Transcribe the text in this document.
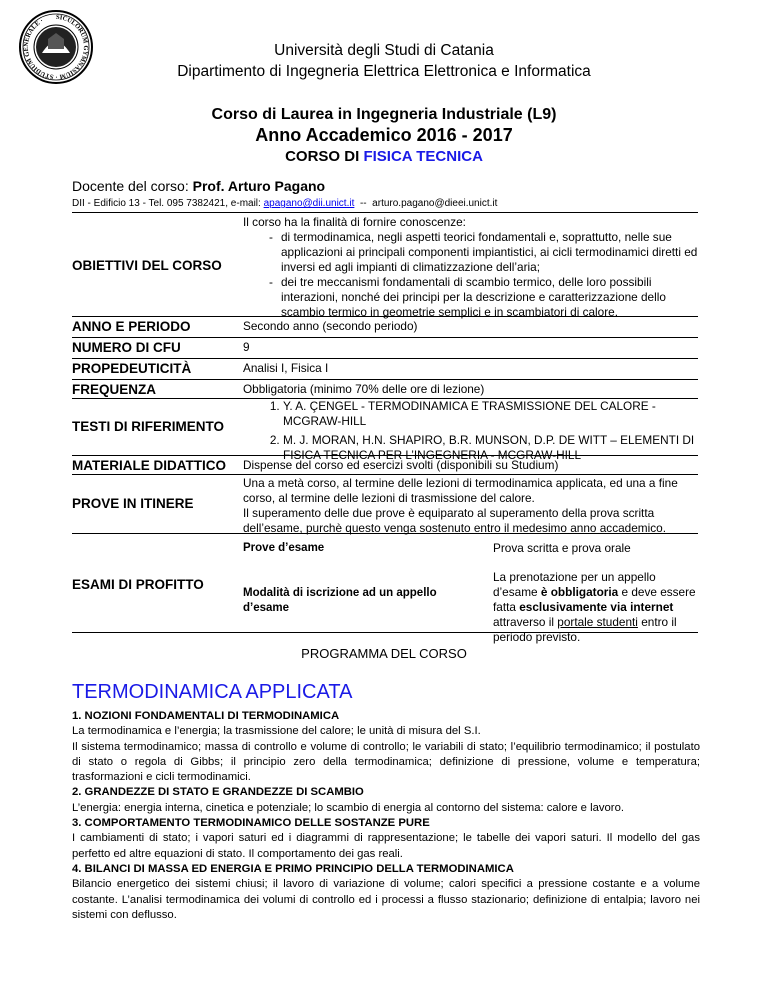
SICULORUM GYMNASIUM · STUDIUM GENERALE ·
Università degli Studi di Catania
Dipartimento di Ingegneria Elettrica Elettronica e Informatica
Corso di Laurea in Ingegneria Industriale (L9)
Anno Accademico 2016 - 2017
CORSO DI FISICA TECNICA
Docente del corso: Prof. Arturo Pagano
DII - Edificio 13 - Tel. 095 7382421, e-mail: apagano@dii.unict.it -- arturo.pagano@dieei.unict.it
OBIETTIVI DEL CORSO
Il corso ha la finalità di fornire conoscenze:
- di termodinamica, negli aspetti teorici fondamentali e, soprattutto, nelle sue applicazioni ai principali componenti impiantistici, ai cicli termodinamici diretti ed inversi ed agli impianti di climatizzazione dell’aria;
- dei tre meccanismi fondamentali di scambio termico, delle loro possibili interazioni, nonché dei principi per la descrizione e caratterizzazione dello scambio termico in geometrie semplici e in scambiatori di calore.
ANNO E PERIODO	Secondo anno (secondo periodo)
NUMERO DI CFU	9
PROPEDEUTICITÀ	Analisi I, Fisica I
FREQUENZA	Obbligatoria (minimo 70% delle ore di lezione)
TESTI DI RIFERIMENTO
1. Y. A. ÇENGEL - TERMODINAMICA E TRASMISSIONE DEL CALORE - MCGRAW-HILL
2. M. J. MORAN, H.N. SHAPIRO, B.R. MUNSON, D.P. DE WITT – ELEMENTI DI FISICA TECNICA PER L’INGEGNERIA - MCGRAW-HILL
MATERIALE DIDATTICO Dispense del corso ed esercizi svolti (disponibili su Studium)
PROVE IN ITINERE

Una a metà corso, al termine delle lezioni di termodinamica applicata, ed una a fine corso, al termine delle lezioni di trasmissione del calore.

Il superamento delle due prove è equiparato al superamento della prova scritta dell’esame, purchè questo venga sostenuto entro il medesimo anno accademico.

ESAMI DI PROFITTO
Prove d’esame	Prova scritta e prova orale
Modalità di iscrizione ad un appello d’esame
La prenotazione per un appello d’esame è obbligatoria e deve essere fatta esclusivamente via internet attraverso il portale studenti entro il periodo previsto.
PROGRAMMA DEL CORSO
TERMODINAMICA APPLICATA

1. NOZIONI FONDAMENTALI DI TERMODINAMICA

La termodinamica e l’energia; la trasmissione del calore; le unità di misura del S.I.

Il sistema termodinamico; massa di controllo e volume di controllo; le variabili di stato; l’equilibrio termodinamico; il postulato di stato o regola di Gibbs; il principio zero della termodinamica; definizione di pressione, volume e temperatura; trasformazioni e cicli termodinamici.

2. GRANDEZZE DI STATO E GRANDEZZE DI SCAMBIO

L’energia: energia interna, cinetica e potenziale; lo scambio di energia al contorno del sistema: calore e lavoro.

3. COMPORTAMENTO TERMODINAMICO DELLE SOSTANZE PURE

I cambiamenti di stato; i vapori saturi ed i diagrammi di rappresentazione; le tabelle dei vapori saturi. Il modello del gas perfetto ed altre equazioni di stato. Il comportamento dei gas reali.

4. BILANCI DI MASSA ED ENERGIA E PRIMO PRINCIPIO DELLA TERMODINAMICA

Bilancio energetico dei sistemi chiusi; il lavoro di variazione di volume; calori specifici a pressione costante e a volume costante. L’analisi termodinamica dei volumi di controllo ed i processi a flusso stazionario; definizione di entalpia; lavoro nei sistemi con deflusso.
